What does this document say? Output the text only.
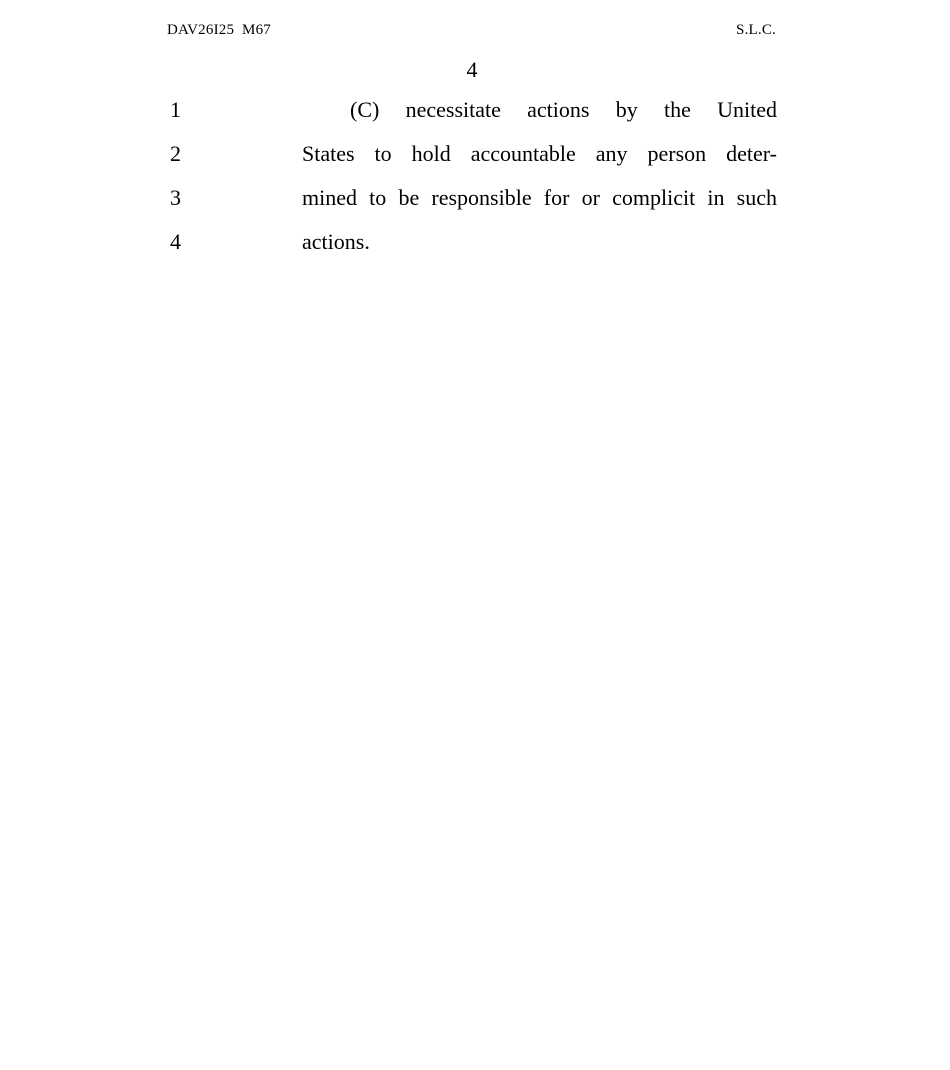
DAV26I25  M67	S.L.C.
4
1	(C) necessitate actions by the United
2	States to hold accountable any person deter-
3	mined to be responsible for or complicit in such
4	actions.
